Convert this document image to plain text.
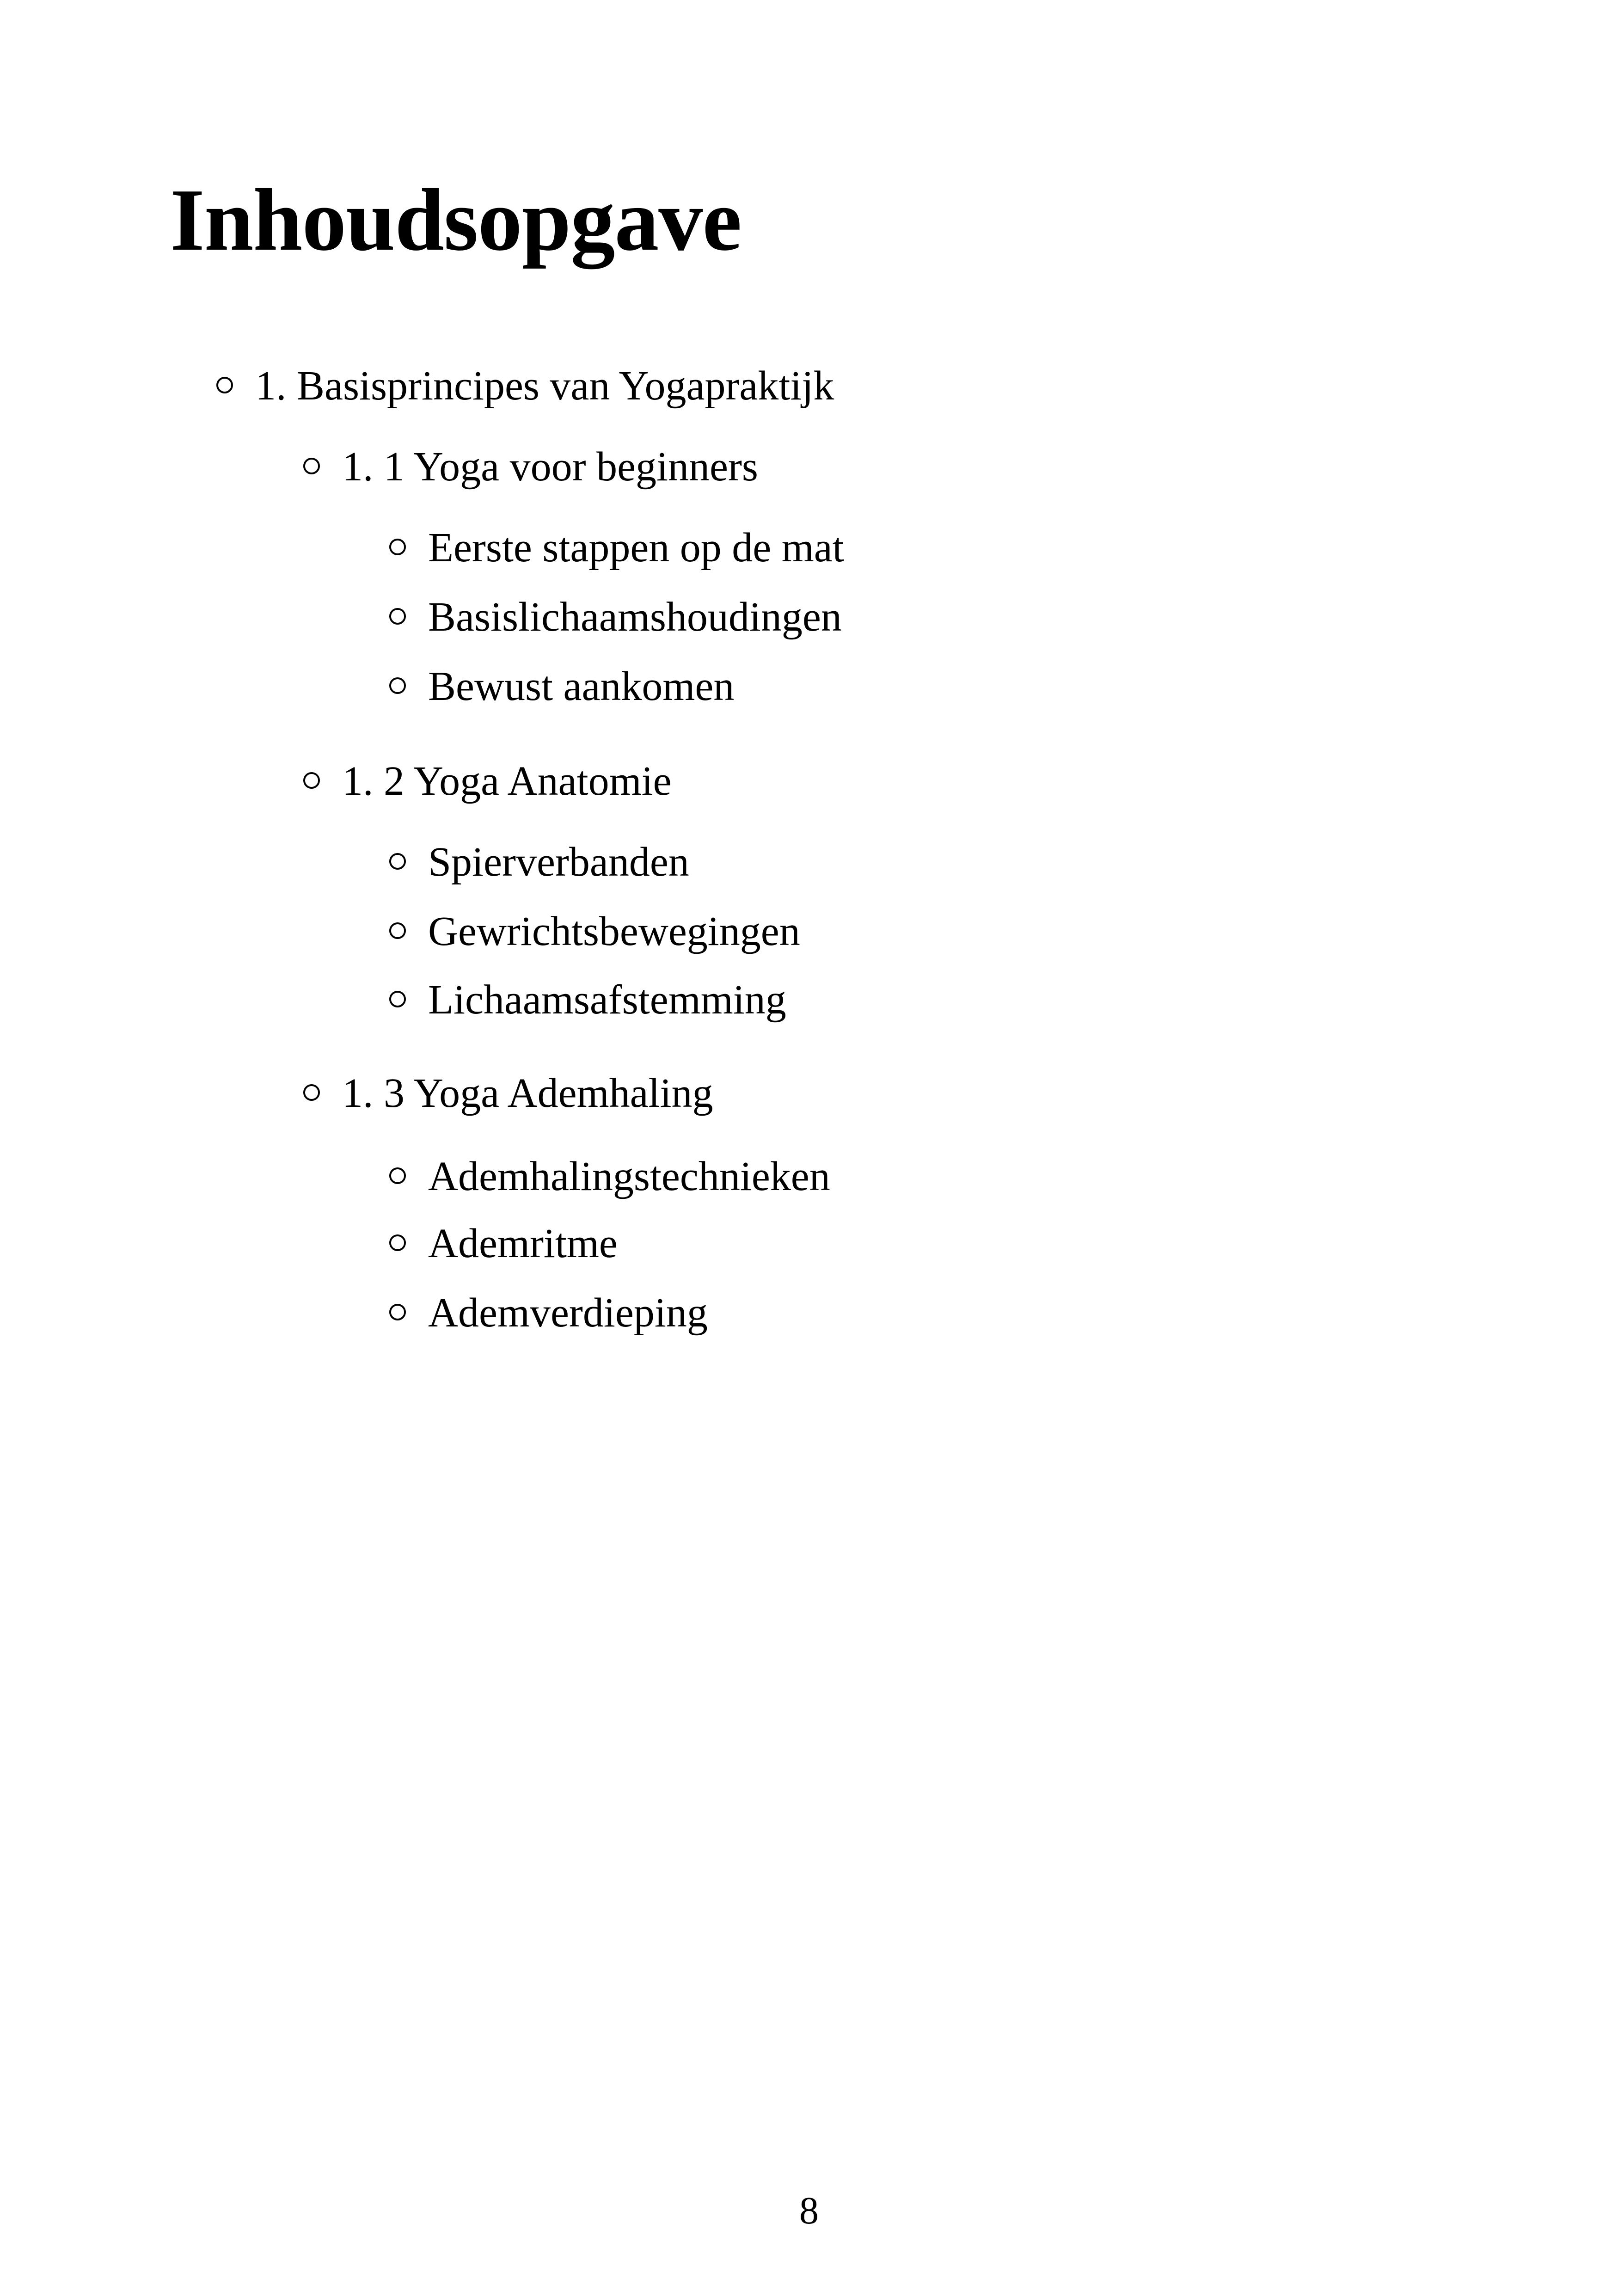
Inhoudsopgave
1. Basisprincipes van Yogapraktijk
1. 1 Yoga voor beginners
Eerste stappen op de mat
Basislichaamshoudingen
Bewust aankomen
1. 2 Yoga Anatomie
Spierverbanden
Gewrichtsbewegingen
Lichaamsafstemming
1. 3 Yoga Ademhaling
Ademhalingstechnieken
Ademritme
Ademverdieping
8
